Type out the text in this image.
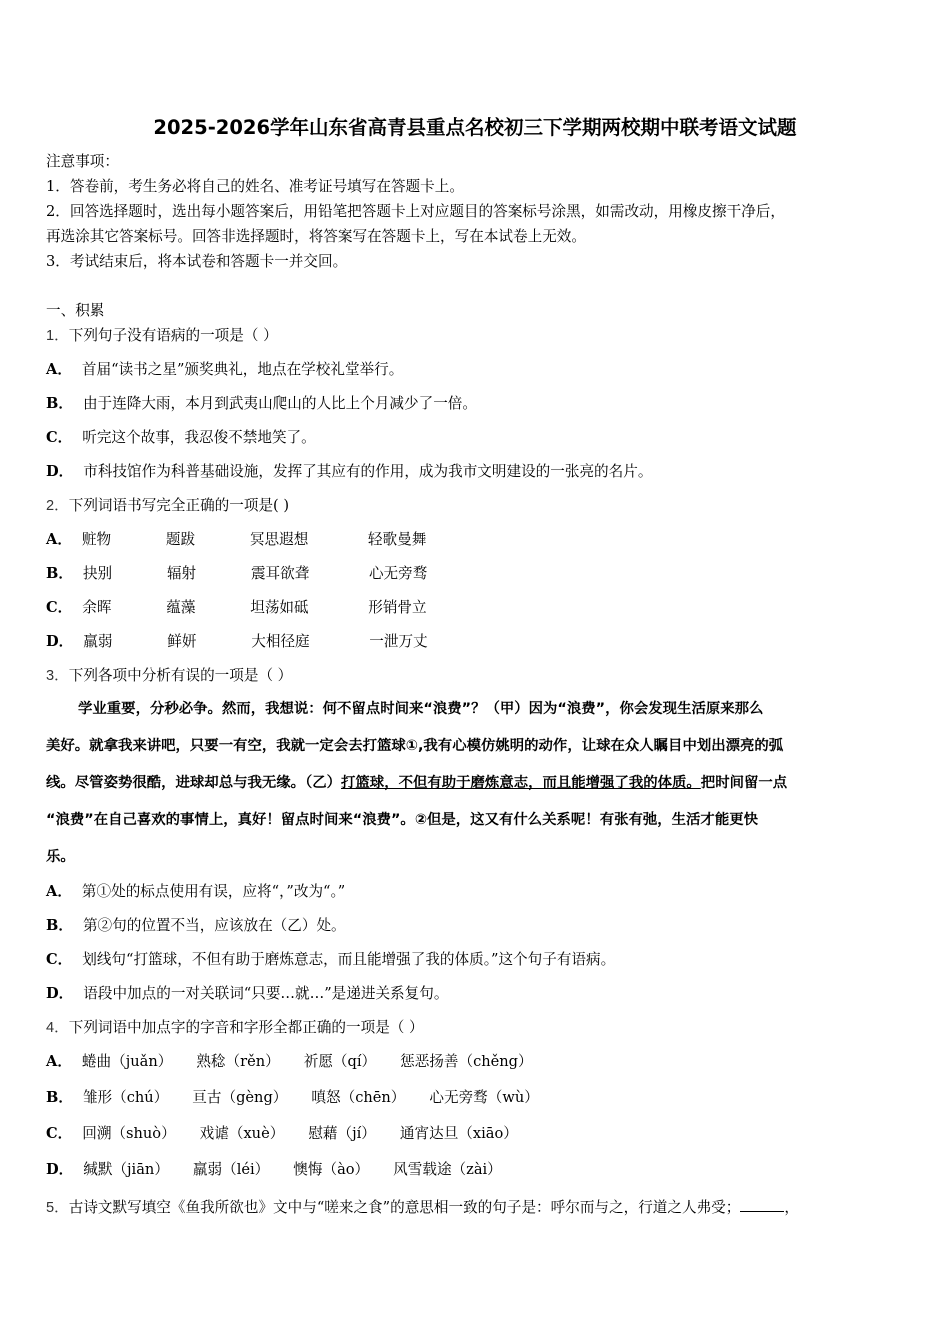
2025-2026学年山东省高青县重点名校初三下学期两校期中联考语文试题
注意事项：
1．答卷前，考生务必将自己的姓名、准考证号填写在答题卡上。
2．回答选择题时，选出每小题答案后，用铅笔把答题卡上对应题目的答案标号涂黑，如需改动，用橡皮擦干净后，
再选涂其它答案标号。回答非选择题时，将答案写在答题卡上，写在本试卷上无效。
3．考试结束后，将本试卷和答题卡一并交回。
一、积累
1．下列句子没有语病的一项是（ ）
A． 首届“读书之星”颁奖典礼，地点在学校礼堂举行。
B． 由于连降大雨，本月到武夷山爬山的人比上个月减少了一倍。
C． 听完这个故事，我忍俊不禁地笑了。
D． 市科技馆作为科普基础设施，发挥了其应有的作用，成为我市文明建设的一张亮的名片。
2．下列词语书写完全正确的一项是( )
A． 赃物	题跋	冥思遐想	轻歌曼舞
B． 抉别	辐射	震耳欲聋	心无旁骛
C． 余晖	蕴藻	坦荡如砥	形销骨立
D． 羸弱	鲜妍	大相径庭	一泄万丈
3．下列各项中分析有误的一项是（ ）
学业重要，分秒必争。然而，我想说：何不留点时间来“浪费”？（甲）因为“浪费”，你会发现生活原来那么
美好。就拿我来讲吧，只要一有空，我就一定会去打篮球①,我有心模仿姚明的动作，让球在众人瞩目中划出漂亮的弧
线。尽管姿势很酷，进球却总与我无缘。（乙）打篮球，不但有助于磨炼意志，而且能增强了我的体质。把时间留一点
“浪费”在自己喜欢的事情上，真好！留点时间来“浪费”。②但是，这又有什么关系呢！有张有弛，生活才能更快
乐。
A． 第①处的标点使用有误，应将“，”改为“。”
B． 第②句的位置不当，应该放在（乙）处。
C． 划线句“打篮球，不但有助于磨炼意志，而且能增强了我的体质。”这个句子有语病。
D． 语段中加点的一对关联词“只要…就…”是递进关系复句。
4．下列词语中加点字的字音和字形全都正确的一项是（ ）
A． 蜷曲（juǎn） 熟稔（rěn） 祈愿（qí） 惩恶扬善（chěng）
B． 雏形（chú） 亘古（gèng） 嗔怒（chēn） 心无旁骛（wù）
C． 回溯（shuò） 戏谑（xuè） 慰藉（jí） 通宵达旦（xiāo）
D． 缄默（jiān） 羸弱（léi） 懊悔（ào） 风雪载途（zài）
5．古诗文默写填空《鱼我所欲也》文中与“嗟来之食”的意思相一致的句子是：呼尔而与之，行道之人弗受；	，
